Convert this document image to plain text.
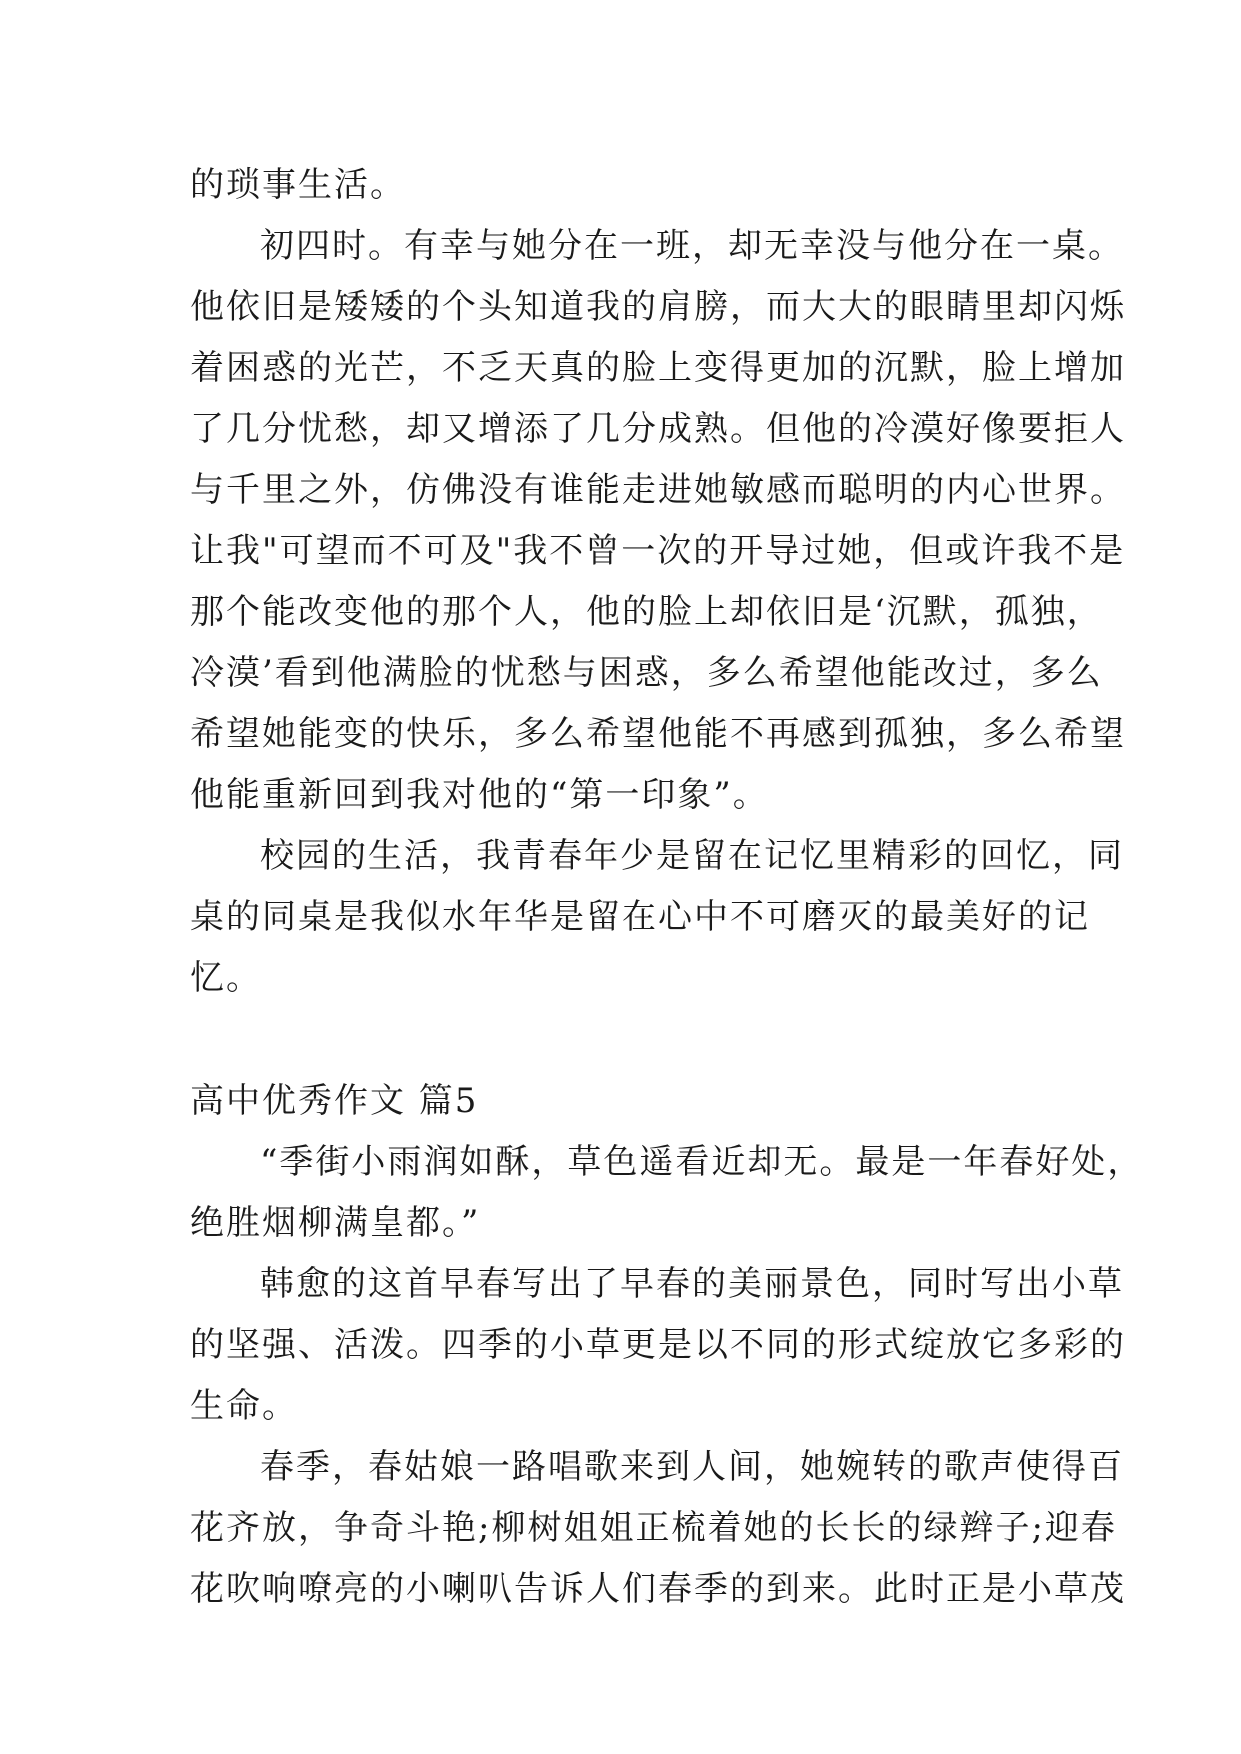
的琐事生活。
初四时。有幸与她分在一班，却无幸没与他分在一桌。
他依旧是矮矮的个头知道我的肩膀，而大大的眼睛里却闪烁
着困惑的光芒，不乏天真的脸上变得更加的沉默，脸上增加
了几分忧愁，却又增添了几分成熟。但他的冷漠好像要拒人
与千里之外，仿佛没有谁能走进她敏感而聪明的内心世界。
让我"可望而不可及"我不曾一次的开导过她，但或许我不是
那个能改变他的那个人，他的脸上却依旧是‘沉默，孤独，
冷漠’看到他满脸的忧愁与困惑，多么希望他能改过，多么
希望她能变的快乐，多么希望他能不再感到孤独，多么希望
他能重新回到我对他的“第一印象”。
校园的生活，我青春年少是留在记忆里精彩的回忆，同
桌的同桌是我似水年华是留在心中不可磨灭的最美好的记
忆。
高中优秀作文 篇5
“季街小雨润如酥，草色遥看近却无。最是一年春好处，
绝胜烟柳满皇都。”
韩愈的这首早春写出了早春的美丽景色，同时写出小草
的坚强、活泼。四季的小草更是以不同的形式绽放它多彩的
生命。
春季，春姑娘一路唱歌来到人间，她婉转的歌声使得百
花齐放，争奇斗艳;柳树姐姐正梳着她的长长的绿辫子;迎春
花吹响嘹亮的小喇叭告诉人们春季的到来。此时正是小草茂
